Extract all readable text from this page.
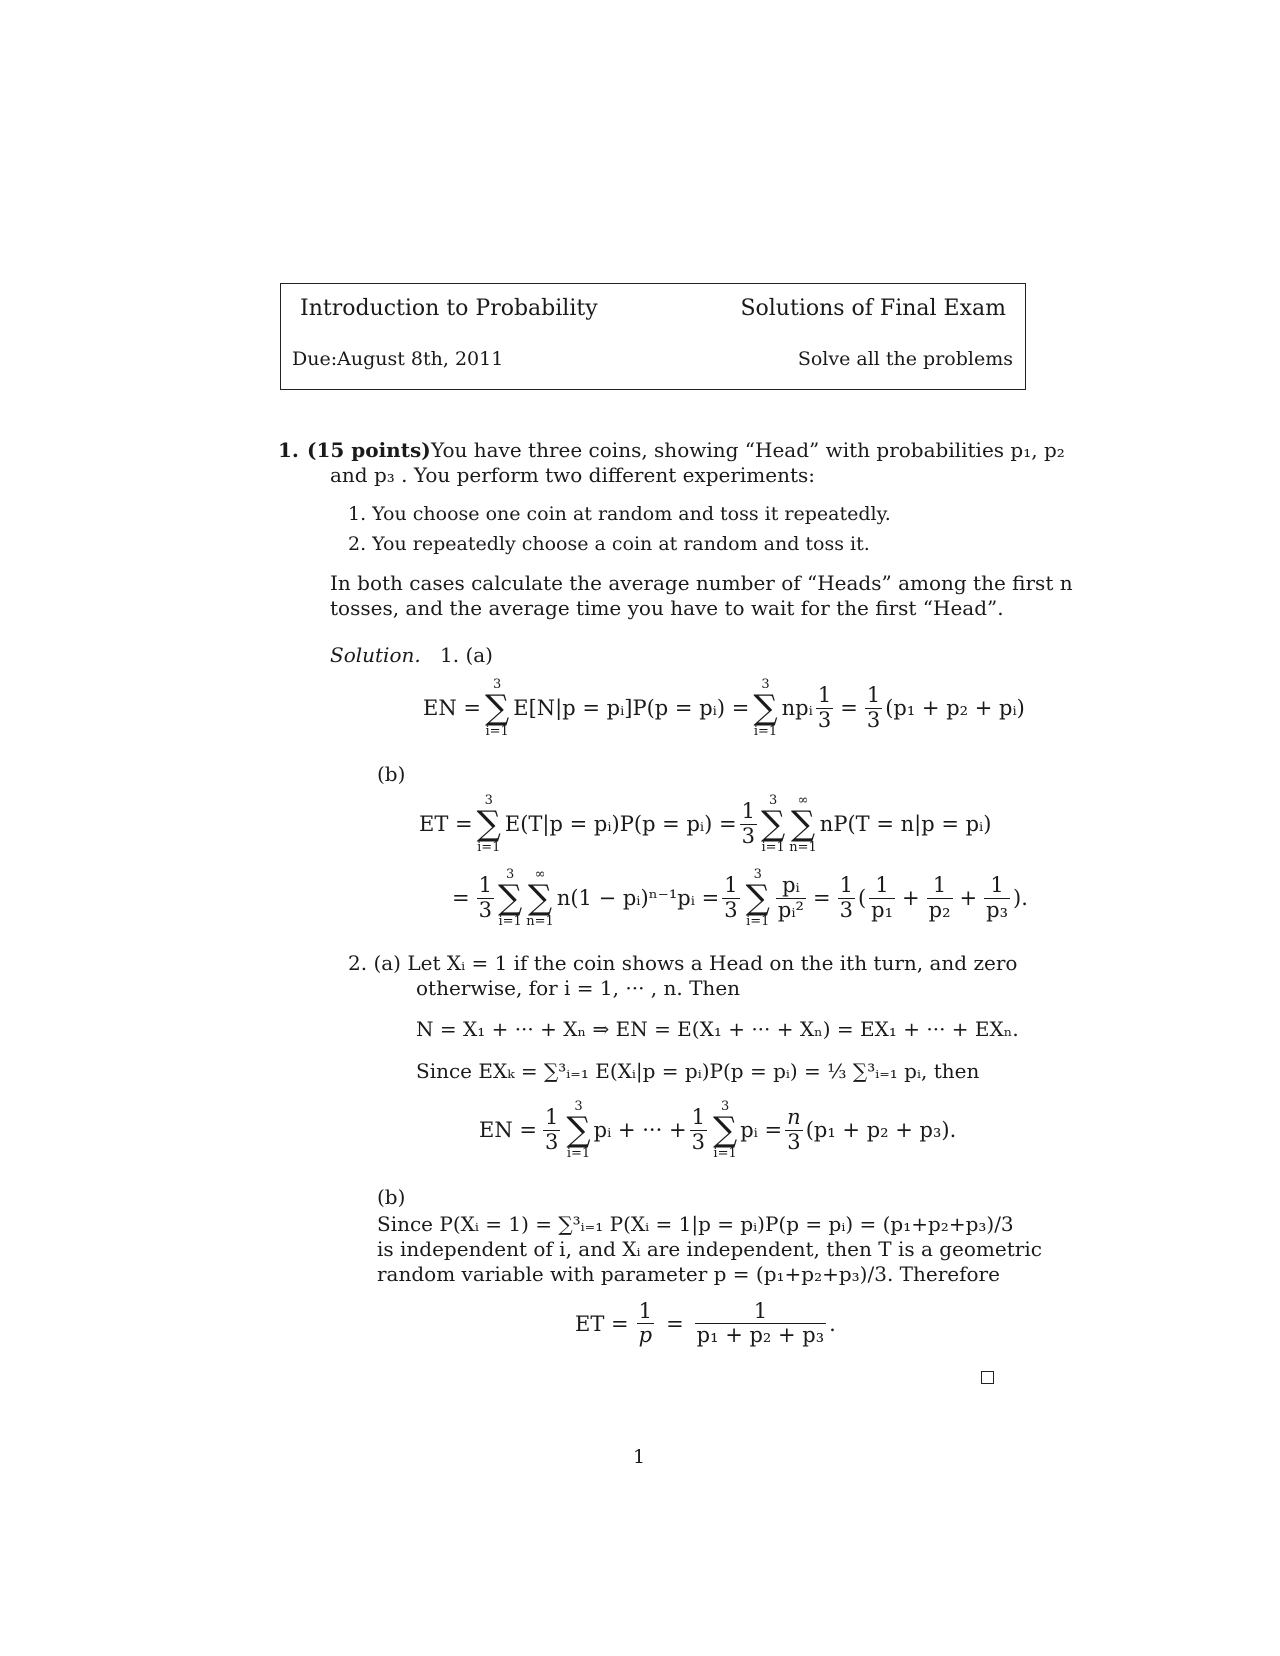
Introduction to Probability	Solutions of Final Exam
Due:August 8th, 2011	Solve all the problems
1. (15 points) You have three coins, showing “Head” with probabilities p₁, p₂
and p₃ . You perform two different experiments:
1. You choose one coin at random and toss it repeatedly.
2. You repeatedly choose a coin at random and toss it.
In both cases calculate the average number of “Heads” among the first n
tosses, and the average time you have to wait for the first “Head”.
Solution. 1. (a)
EN =
3
∑
i=1
E[N|p = pᵢ]P(p = pᵢ) =
3
∑
i=1
npᵢ $\frac{1}{3} = \frac{1}{3} (p_1 + p_2$ + pᵢ)
(b)
ET =
3
∑
i=1
E(T|p = pᵢ)P(p = pᵢ) = $\frac{1}{3} 3$
∑
i=1
∞
∑
n=1
nP(T = n|p = pᵢ)
= $\frac{1}{3} 3$
∑
i=1
∞
∑
n=1
n(1 − pᵢ)ⁿ⁻¹pᵢ = $\frac{1}{3}$	3
∑
$i=1 \frac{\text{pᵢ}}{\text{pᵢ²}} = \frac{1}{3}$ ( $\frac{1}{\text{p₁}} + \frac{1}{\text{p₂}} + \frac{1}{\text{p₃}}$ ).
2. (a) Let Xᵢ = 1 if the coin shows a Head on the ith turn, and zero
otherwise, for i = 1, ··· , n. Then
N = X₁ + ··· + Xₙ ⇒ EN = E(X₁ + ··· + Xₙ) = EX₁ + ··· + EXₙ.
Since EXₖ = ∑³ᵢ₌₁ E(Xᵢ|p = pᵢ)P(p = pᵢ) = ⅓ ∑³ᵢ₌₁ pᵢ, then
EN = $\frac{1}{3}$	3
∑
i=1
pᵢ + ··· + $\frac{1}{3}$	3
∑
i=1
pᵢ = $\frac{n}{3} (p_1 + p_2 + p_3)$.
(b)
Since P(Xᵢ = 1) = ∑³ᵢ₌₁ P(Xᵢ = 1|p = pᵢ)P(p = pᵢ) = (p₁+p₂+p₃)/3
is independent of i, and Xᵢ are independent, then T is a geometric
random variable with parameter p = (p₁+p₂+p₃)/3. Therefore
ET = $\frac{1}{p} = \frac{1}{\text{p₁ + p₂ + p₃}}$ .
1
